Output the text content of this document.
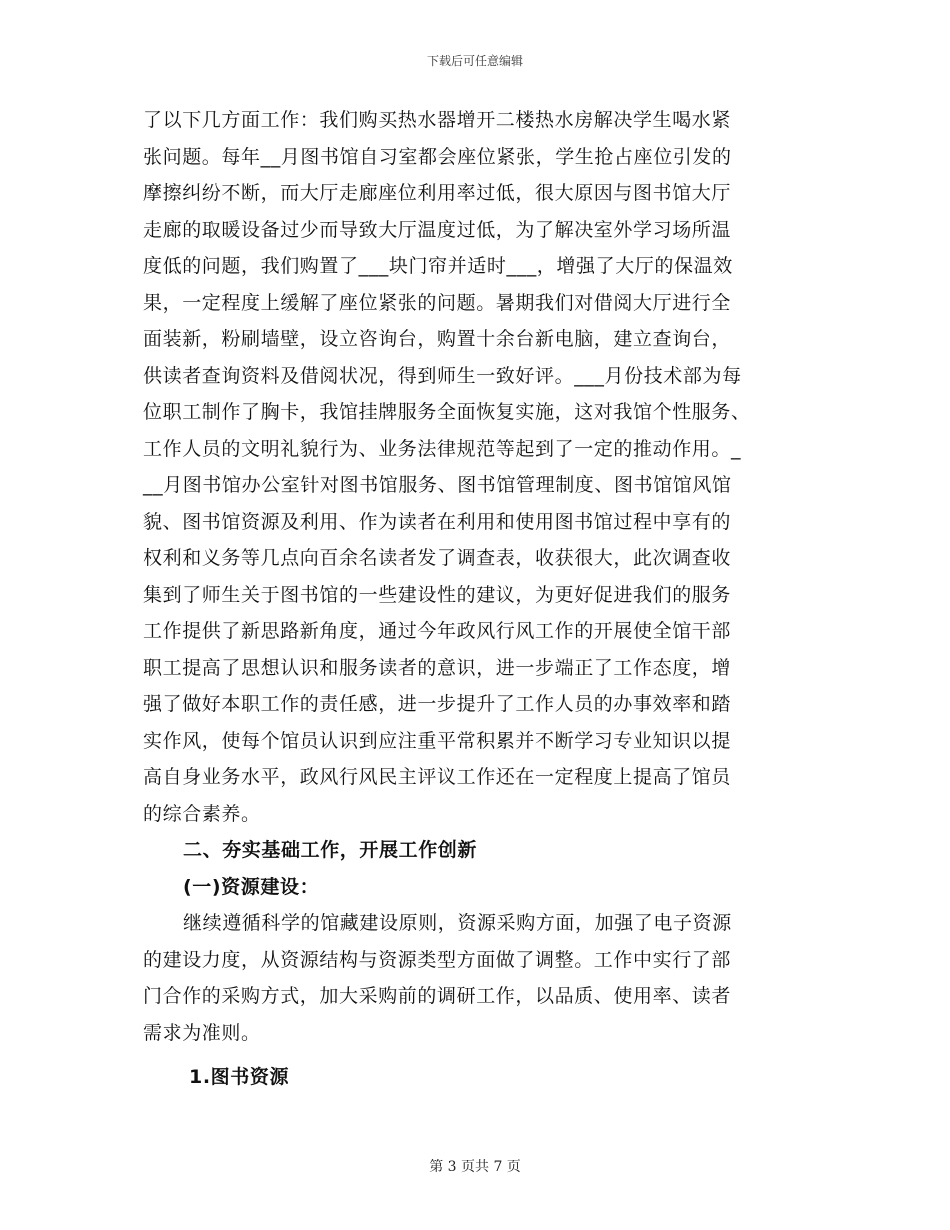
下载后可任意编辑
了以下几方面工作：我们购买热水器增开二楼热水房解决学生喝水紧
张问题。每年__月图书馆自习室都会座位紧张，学生抢占座位引发的
摩擦纠纷不断，而大厅走廊座位利用率过低，很大原因与图书馆大厅
走廊的取暖设备过少而导致大厅温度过低，为了解决室外学习场所温
度低的问题，我们购置了___块门帘并适时___，增强了大厅的保温效
果，一定程度上缓解了座位紧张的问题。暑期我们对借阅大厅进行全
面装新，粉刷墙壁，设立咨询台，购置十余台新电脑，建立查询台，
供读者查询资料及借阅状况，得到师生一致好评。___月份技术部为每
位职工制作了胸卡，我馆挂牌服务全面恢复实施，这对我馆个性服务、
工作人员的文明礼貌行为、业务法律规范等起到了一定的推动作用。_
__月图书馆办公室针对图书馆服务、图书馆管理制度、图书馆馆风馆
貌、图书馆资源及利用、作为读者在利用和使用图书馆过程中享有的
权利和义务等几点向百余名读者发了调查表，收获很大，此次调查收
集到了师生关于图书馆的一些建设性的建议，为更好促进我们的服务
工作提供了新思路新角度，通过今年政风行风工作的开展使全馆干部
职工提高了思想认识和服务读者的意识，进一步端正了工作态度，增
强了做好本职工作的责任感，进一步提升了工作人员的办事效率和踏
实作风，使每个馆员认识到应注重平常积累并不断学习专业知识以提
高自身业务水平，政风行风民主评议工作还在一定程度上提高了馆员
的综合素养。
二、夯实基础工作，开展工作创新
(一)资源建设：
继续遵循科学的馆藏建设原则，资源采购方面，加强了电子资源
的建设力度，从资源结构与资源类型方面做了调整。工作中实行了部
门合作的采购方式，加大采购前的调研工作，以品质、使用率、读者
需求为准则。
1.图书资源
第 3 页共 7 页
